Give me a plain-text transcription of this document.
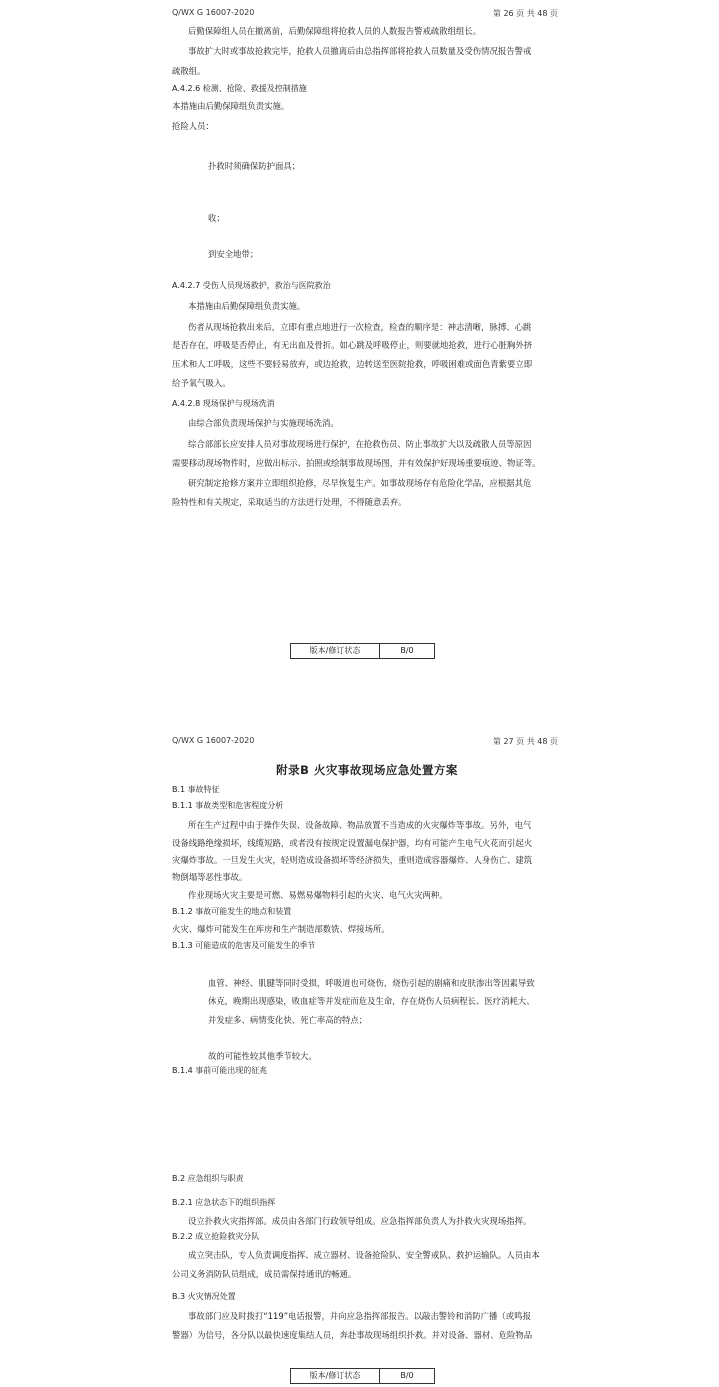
Q/WX G 16007-2020	第 26 页 共 48 页
后勤保障组人员在撤离前，后勤保障组将抢救人员的人数报告警戒疏散组组长。
事故扩大时或事故抢救完毕，抢救人员撤离后由总指挥部将抢救人员数量及受伤情况报告警戒
疏散组。
A.4.2.6 检测、抢险、救援及控制措施
本措施由后勤保障组负责实施。
抢险人员：
扑救时须确保防护面具；
收；
到安全地带；
A.4.2.7 受伤人员现场救护，救治与医院救治
本措施由后勤保障组负责实施。
伤者从现场抢救出来后，立即有重点地进行一次检查，检查的顺序是：神志清晰，脉搏、心跳
是否存在，呼吸是否停止，有无出血及骨折。如心跳及呼吸停止，则要就地抢救，进行心脏胸外挤
压术和人工呼吸，这些不要轻易放弃，或边抢救，边转送至医院抢救，呼吸困难或面色青紫要立即
给予氧气吸入。
A.4.2.8 现场保护与现场洗消
由综合部负责现场保护与实施现场洗消。
综合部部长应安排人员对事故现场进行保护，在抢救伤员、防止事故扩大以及疏散人员等原因
需要移动现场物件时，应做出标示、拍照或绘制事故现场图，并有效保护好现场重要痕迹、物证等。
研究制定抢修方案并立即组织抢修，尽早恢复生产。如事故现场存有危险化学品，应根据其危
险特性和有关规定，采取适当的方法进行处理，不得随意丢弃。
版本/修订状态	B/0
Q/WX G 16007-2020	第 27 页 共 48 页
附录B 火灾事故现场应急处置方案
B.1 事故特征
B.1.1 事故类型和危害程度分析
所在生产过程中由于操作失误、设备故障、物品放置不当造成的火灾爆炸等事故。另外，电气
设备线路绝缘损坏，线缆短路，或者没有按规定设置漏电保护器，均有可能产生电气火花而引起火
灾爆炸事故。一旦发生火灾，轻则造成设备损坏等经济损失，重则造成容器爆炸、人身伤亡、建筑
物倒塌等恶性事故。
作业现场火灾主要是可燃、易燃易爆物料引起的火灾、电气火灾两种。
B.1.2 事故可能发生的地点和装置
火灾、爆炸可能发生在库房和生产制造部数铣、焊接场所。
B.1.3 可能造成的危害及可能发生的季节
血管、神经、肌腱等同时受损，呼吸道也可烧伤，烧伤引起的剧痛和皮肤渗出等因素导致
休克，晚期出现感染，败血症等并发症而危及生命，存在烧伤人员病程长、医疗消耗大、
并发症多、病情变化快、死亡率高的特点；
故的可能性较其他季节较大。
B.1.4 事前可能出现的征兆
B.2 应急组织与职责
B.2.1 应急状态下的组织指挥
设立扑救火灾指挥部。成员由各部门行政领导组成。应急指挥部负责人为扑救火灾现场指挥。
B.2.2 成立抢险救灾分队
成立突击队，专人负责调度指挥、成立器材、设备抢险队、安全警戒队、救护运输队。人员由本
公司义务消防队员组成，成员需保持通讯的畅通。
B.3 火灾情况处置
事故部门应及时拨打“119”电话报警，并向应急指挥部报告。以敲击警铃和消防广播（或鸣报
警器）为信号，各分队以最快速度集结人员，奔赴事故现场组织扑救。并对设备、器材、危险物品
版本/修订状态	B/0
